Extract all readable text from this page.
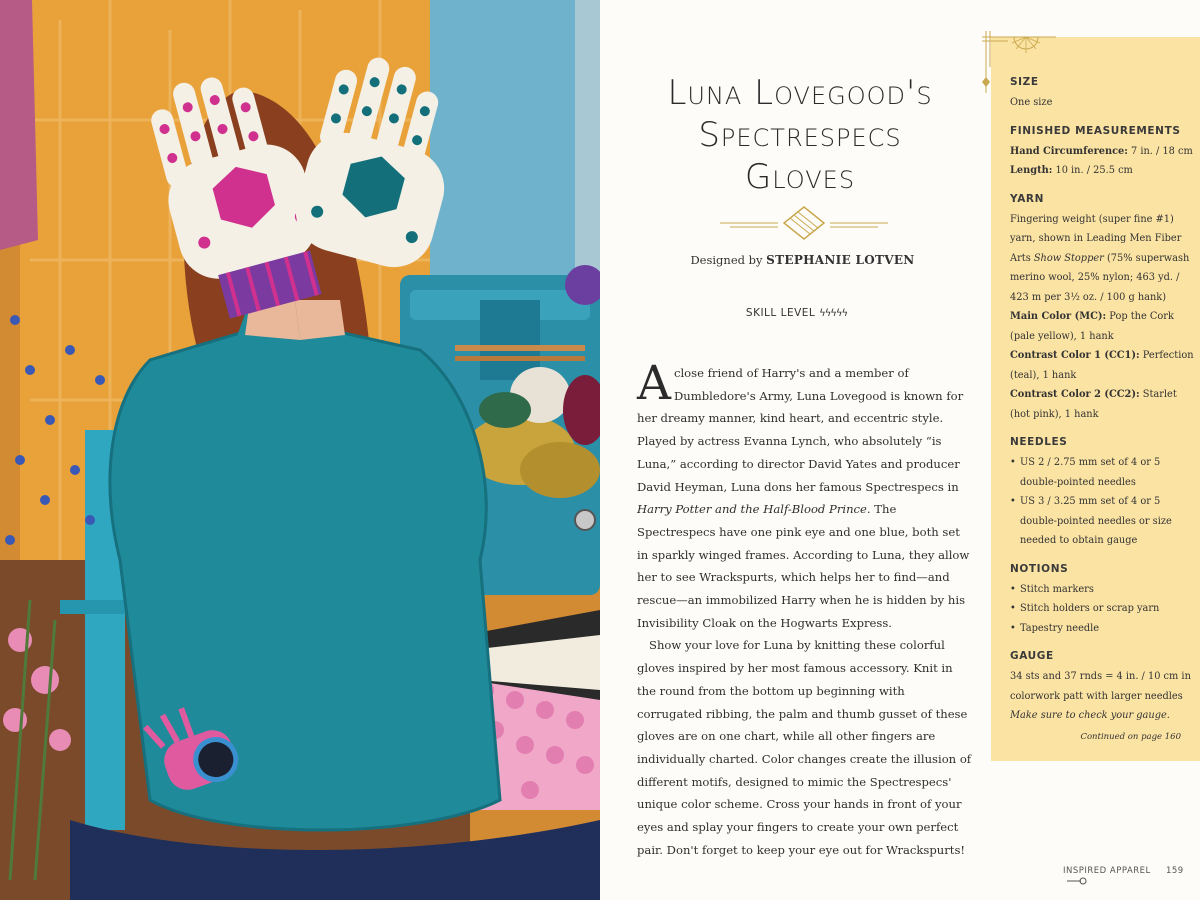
Luna Lovegood's
Spectrespecs
Gloves
Designed by STEPHANIE LOTVEN
SKILL LEVEL ϟϟϟϟϟ

Aclose friend of Harry's and a member of Dumbledore's Army, Luna Lovegood is known for her dreamy manner, kind heart, and eccentric style. Played by actress Evanna Lynch, who absolutely “is Luna,” according to director David Yates and producer David Heyman, Luna dons her famous Spectrespecs in Harry Potter and the Half-Blood Prince. The Spectrespecs have one pink eye and one blue, both set in sparkly winged frames. According to Luna, they allow her to see Wrackspurts, which helps her to find—and rescue—an immobilized Harry when he is hidden by his Invisibility Cloak on the Hogwarts Express.

Show your love for Luna by knitting these colorful gloves inspired by her most famous accessory. Knit in the round from the bottom up beginning with corrugated ribbing, the palm and thumb gusset of these gloves are on one chart, while all other fingers are individually charted. Color changes create the illusion of different motifs, designed to mimic the Spectrespecs' unique color scheme. Cross your hands in front of your eyes and splay your fingers to create your own perfect pair. Don't forget to keep your eye out for Wrackspurts!

SIZE

One size

FINISHED MEASUREMENTS

Hand Circumference: 7 in. / 18 cm

Length: 10 in. / 25.5 cm

YARN

Fingering weight (super fine #1) yarn, shown in Leading Men Fiber Arts Show Stopper (75% superwash merino wool, 25% nylon; 463 yd. / 423 m per 3½ oz. / 100 g hank)

Main Color (MC): Pop the Cork (pale yellow), 1 hank

Contrast Color 1 (CC1): Perfection (teal), 1 hank

Contrast Color 2 (CC2): Starlet (hot pink), 1 hank

NEEDLES
• US 2 / 2.75 mm set of 4 or 5 double-pointed needles
• US 3 / 3.25 mm set of 4 or 5 double-pointed needles or size needed to obtain gauge
NOTIONS
• Stitch markers
• Stitch holders or scrap yarn
• Tapestry needle
GAUGE

34 sts and 37 rnds = 4 in. / 10 cm in colorwork patt with larger needles

Make sure to check your gauge.

Continued on page 160
INSPIRED APPAREL 159
